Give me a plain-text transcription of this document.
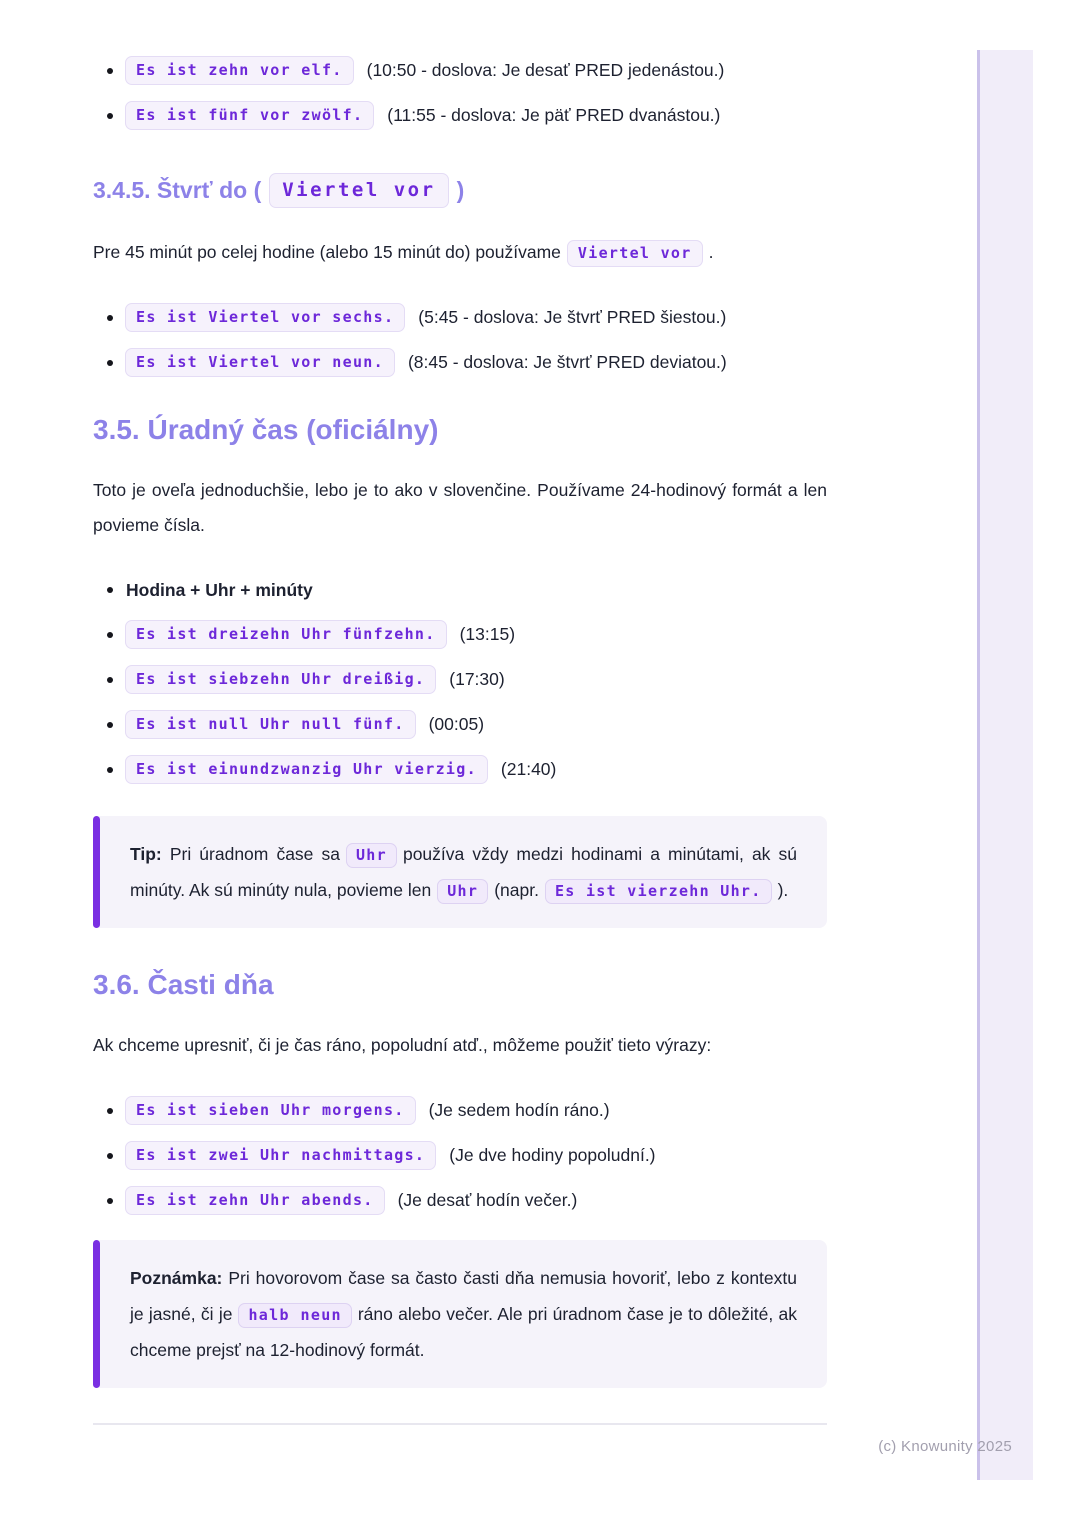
Es ist zehn vor elf.	(10:50 - doslova: Je desať PRED jedenástou.)
Es ist fünf vor zwölf.	(11:55 - doslova: Je päť PRED dvanástou.)
3.4.5. Štvrť do (	Viertel vor )

Pre 45 minút po celej hodine (alebo 15 minút do) používame Viertel vor .

Es ist Viertel vor sechs.	(5:45 - doslova: Je štvrť PRED šiestou.)
Es ist Viertel vor neun.	(8:45 - doslova: Je štvrť PRED deviatou.)
3.5. Úradný čas (oficiálny)

Toto je oveľa jednoduchšie, lebo je to ako v slovenčine. Používame 24-hodinový formát a len povieme čísla.

Hodina + Uhr + minúty
Es ist dreizehn Uhr fünfzehn.	(13:15)
Es ist siebzehn Uhr dreißig.	(17:30)
Es ist null Uhr null fünf.	(00:05)
Es ist einundzwanzig Uhr vierzig.	(21:40)
Tip: Pri úradnom čase sa Uhr používa vždy medzi hodinami a minútami, ak sú minúty. Ak sú minúty nula, povieme len Uhr (napr. Es ist vierzehn Uhr. ).
3.6. Časti dňa

Ak chceme upresniť, či je čas ráno, popoludní atď., môžeme použiť tieto výrazy:

Es ist sieben Uhr morgens.	(Je sedem hodín ráno.)
Es ist zwei Uhr nachmittags.	(Je dve hodiny popoludní.)
Es ist zehn Uhr abends.	(Je desať hodín večer.)
Poznámka: Pri hovorovom čase sa často časti dňa nemusia hovoriť, lebo z kontextu je jasné, či je halb neun ráno alebo večer. Ale pri úradnom čase je to dôležité, ak chceme prejsť na 12-hodinový formát.
(c) Knowunity 2025
